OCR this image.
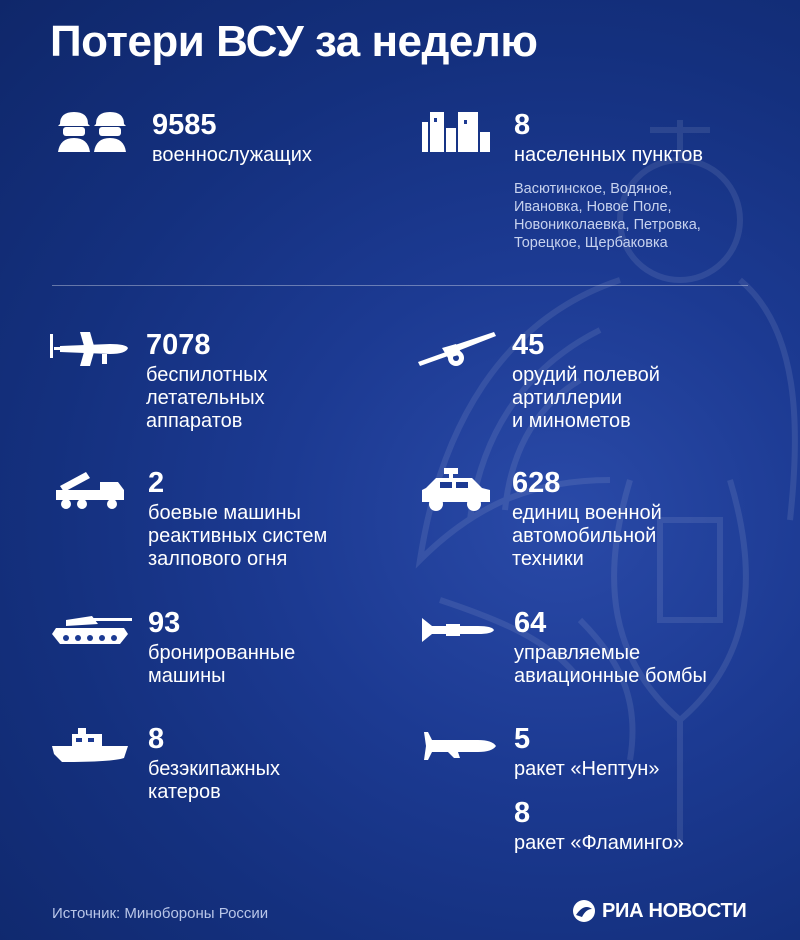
Потери ВСУ за неделю
9585
военнослужащих
8
населенных пунктов
Васютинское, Водяное,
Ивановка, Новое Поле,
Новониколаевка, Петровка,
Торецкое, Щербаковка
7078
беспилотных
летательных
аппаратов
45
орудий полевой
артиллерии
и минометов
2
боевые машины
реактивных систем
залпового огня
628
единиц военной
автомобильной
техники
93
бронированные
машины
64
управляемые
авиационные бомбы
8
безэкипажных
катеров
5
ракет «Нептун»
8
ракет «Фламинго»
Источник: Минобороны России	РИА НОВОСТИ
